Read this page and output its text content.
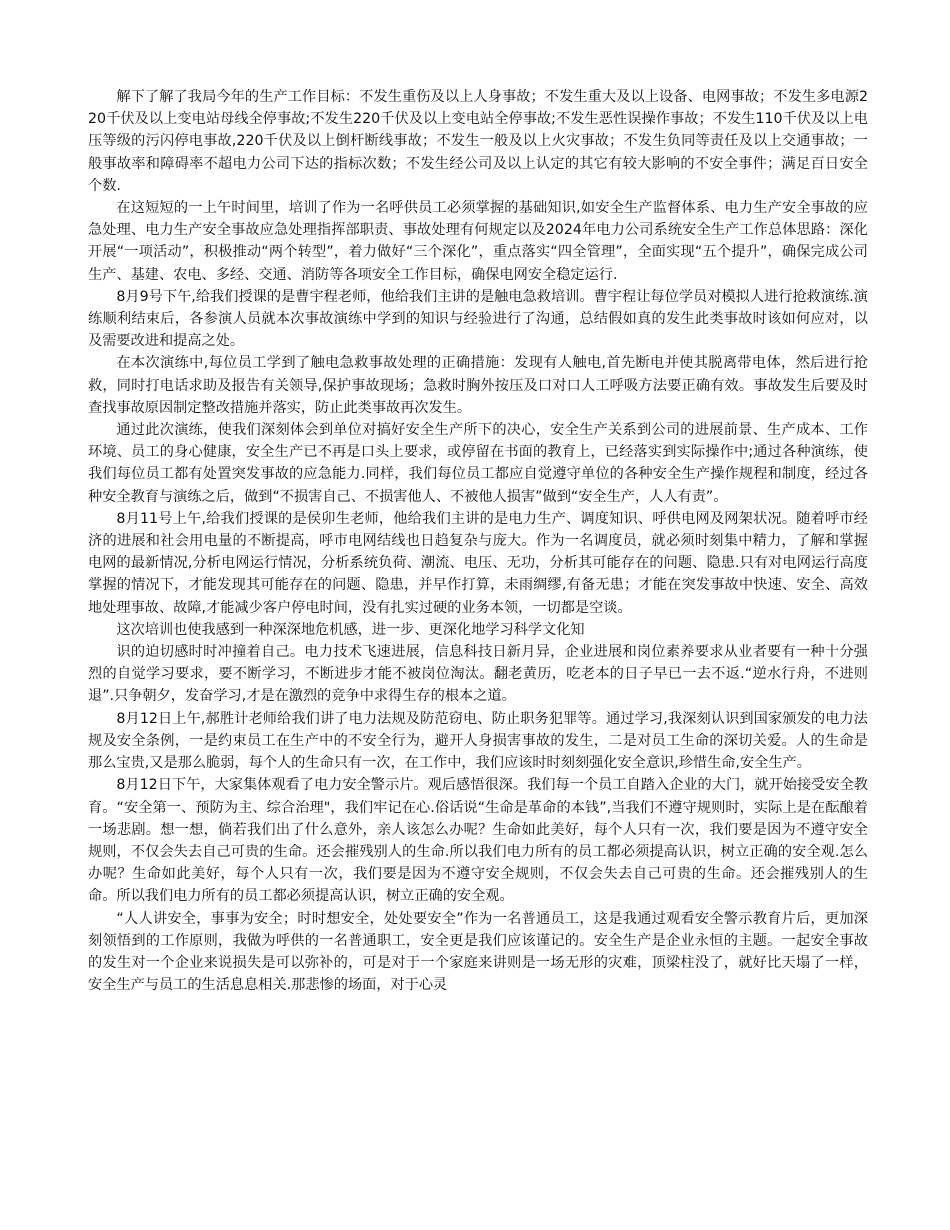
解下了解了我局今年的生产工作目标：不发生重伤及以上人身事故；不发生重大及以上设备、电网事故；不发生多电源220千伏及以上变电站母线全停事故;不发生220千伏及以上变电站全停事故;不发生恶性误操作事故；不发生110千伏及以上电压等级的污闪停电事故,220千伏及以上倒杆断线事故；不发生一般及以上火灾事故；不发生负同等责任及以上交通事故；一般事故率和障碍率不超电力公司下达的指标次数；不发生经公司及以上认定的其它有较大影响的不安全事件；满足百日安全个数.

在这短短的一上午时间里，培训了作为一名呼供员工必须掌握的基础知识,如安全生产监督体系、电力生产安全事故的应急处理、电力生产安全事故应急处理指挥部职责、事故处理有何规定以及2024年电力公司系统安全生产工作总体思路：深化开展“一项活动”，积极推动“两个转型”，着力做好“三个深化”，重点落实“四全管理”，全面实现“五个提升”，确保完成公司生产、基建、农电、多经、交通、消防等各项安全工作目标，确保电网安全稳定运行.

8月9号下午,给我们授课的是曹宇程老师，他给我们主讲的是触电急救培训。曹宇程让每位学员对模拟人进行抢救演练.演练顺利结束后，各参演人员就本次事故演练中学到的知识与经验进行了沟通，总结假如真的发生此类事故时该如何应对，以及需要改进和提高之处。

在本次演练中,每位员工学到了触电急救事故处理的正确措施：发现有人触电,首先断电并使其脱离带电体，然后进行抢救，同时打电话求助及报告有关领导,保护事故现场；急救时胸外按压及口对口人工呼吸方法要正确有效。事故发生后要及时查找事故原因制定整改措施并落实，防止此类事故再次发生。

通过此次演练，使我们深刻体会到单位对搞好安全生产所下的决心，安全生产关系到公司的进展前景、生产成本、工作环境、员工的身心健康，安全生产已不再是口头上要求，或停留在书面的教育上，已经落实到实际操作中;通过各种演练，使我们每位员工都有处置突发事故的应急能力.同样，我们每位员工都应自觉遵守单位的各种安全生产操作规程和制度，经过各种安全教育与演练之后，做到“不损害自己、不损害他人、不被他人损害”做到“安全生产，人人有责”。

8月11号上午,给我们授课的是侯卯生老师，他给我们主讲的是电力生产、调度知识、呼供电网及网架状况。随着呼市经济的进展和社会用电量的不断提高，呼市电网结线也日趋复杂与庞大。作为一名调度员，就必须时刻集中精力，了解和掌握电网的最新情况,分析电网运行情况，分析系统负荷、潮流、电压、无功，分析其可能存在的问题、隐患.只有对电网运行高度掌握的情况下，才能发现其可能存在的问题、隐患，并早作打算，未雨绸缪,有备无患；才能在突发事故中快速、安全、高效地处理事故、故障,才能减少客户停电时间，没有扎实过硬的业务本领，一切都是空谈。

这次培训也使我感到一种深深地危机感，进一步、更深化地学习科学文化知

识的迫切感时时冲撞着自己。电力技术飞速进展，信息科技日新月异，企业进展和岗位素养要求从业者要有一种十分强烈的自觉学习要求，要不断学习，不断进步才能不被岗位淘汰。翻老黄历，吃老本的日子早已一去不返.“逆水行舟，不进则退”.只争朝夕，发奋学习,才是在激烈的竞争中求得生存的根本之道。

8月12日上午,郝胜计老师给我们讲了电力法规及防范窃电、防止职务犯罪等。通过学习,我深刻认识到国家颁发的电力法规及安全条例，一是约束员工在生产中的不安全行为，避开人身损害事故的发生，二是对员工生命的深切关爱。人的生命是那么宝贵,又是那么脆弱，每个人的生命只有一次，在工作中，我们应该时时刻刻强化安全意识,珍惜生命,安全生产。

8月12日下午，大家集体观看了电力安全警示片。观后感悟很深。我们每一个员工自踏入企业的大门，就开始接受安全教育。“安全第一、预防为主、综合治理"，我们牢记在心.俗话说“生命是革命的本钱”,当我们不遵守规则时，实际上是在酝酿着一场悲剧。想一想，倘若我们出了什么意外，亲人该怎么办呢？生命如此美好，每个人只有一次，我们要是因为不遵守安全规则，不仅会失去自己可贵的生命。还会摧残别人的生命.所以我们电力所有的员工都必须提高认识，树立正确的安全观.怎么办呢？生命如此美好，每个人只有一次，我们要是因为不遵守安全规则，不仅会失去自己可贵的生命。还会摧残别人的生命。所以我们电力所有的员工都必须提高认识，树立正确的安全观。

“人人讲安全，事事为安全；时时想安全，处处要安全”作为一名普通员工，这是我通过观看安全警示教育片后，更加深刻领悟到的工作原则，我做为呼供的一名普通职工，安全更是我们应该谨记的。安全生产是企业永恒的主题。一起安全事故的发生对一个企业来说损失是可以弥补的，可是对于一个家庭来讲则是一场无形的灾难，顶梁柱没了，就好比天塌了一样，安全生产与员工的生活息息相关.那悲惨的场面，对于心灵
